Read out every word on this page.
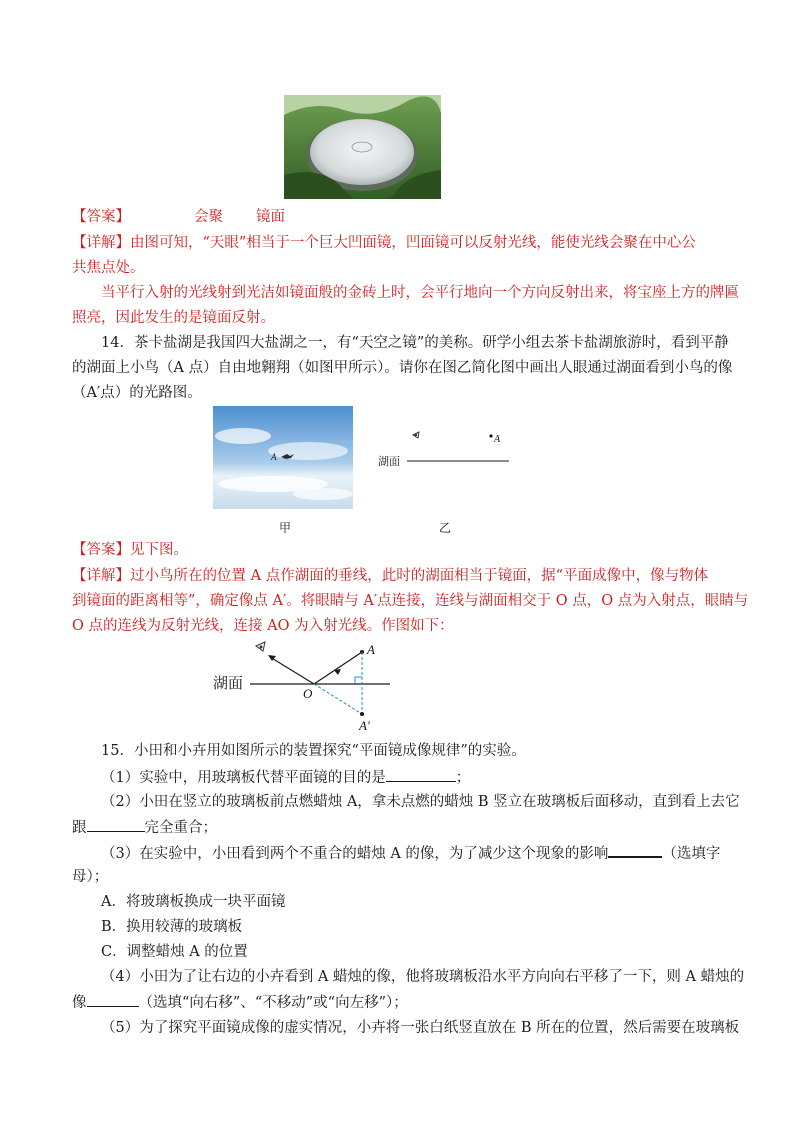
【答案】	会聚 镜面
【详解】由图可知，“天眼”相当于一个巨大凹面镜，凹面镜可以反射光线，能使光线会聚在中心公
共焦点处。
当平行入射的光线射到光洁如镜面般的金砖上时，会平行地向一个方向反射出来，将宝座上方的牌匾
照亮，因此发生的是镜面反射。
14．茶卡盐湖是我国四大盐湖之一，有“天空之镜”的美称。研学小组去茶卡盐湖旅游时，看到平静
的湖面上小鸟（A 点）自由地翱翔（如图甲所示）。请你在图乙简化图中画出人眼通过湖面看到小鸟的像
（A′点）的光路图。
A
甲
A
湖面
乙
【答案】见下图。
【详解】过小鸟所在的位置 A 点作湖面的垂线，此时的湖面相当于镜面，据“平面成像中，像与物体
到镜面的距离相等”，确定像点 A′。将眼睛与 A′点连接，连线与湖面相交于 O 点，O 点为入射点，眼睛与
O 点的连线为反射光线，连接 AO 为入射光线。作图如下：
湖面
A
O
A′
15．小田和小卉用如图所示的装置探究“平面镜成像规律”的实验。
（1）实验中，用玻璃板代替平面镜的目的是	；
（2）小田在竖立的玻璃板前点燃蜡烛 A，拿未点燃的蜡烛 B 竖立在玻璃板后面移动，直到看上去它
跟	完全重合；
（3）在实验中，小田看到两个不重合的蜡烛 A 的像，为了减少这个现象的影响	（选填字
母）；
A．将玻璃板换成一块平面镜
B．换用较薄的玻璃板
C．调整蜡烛 A 的位置
（4）小田为了让右边的小卉看到 A 蜡烛的像，他将玻璃板沿水平方向向右平移了一下，则 A 蜡烛的
像	（选填“向右移”、“不移动”或“向左移”）；
（5）为了探究平面镜成像的虚实情况，小卉将一张白纸竖直放在 B 所在的位置，然后需要在玻璃板
